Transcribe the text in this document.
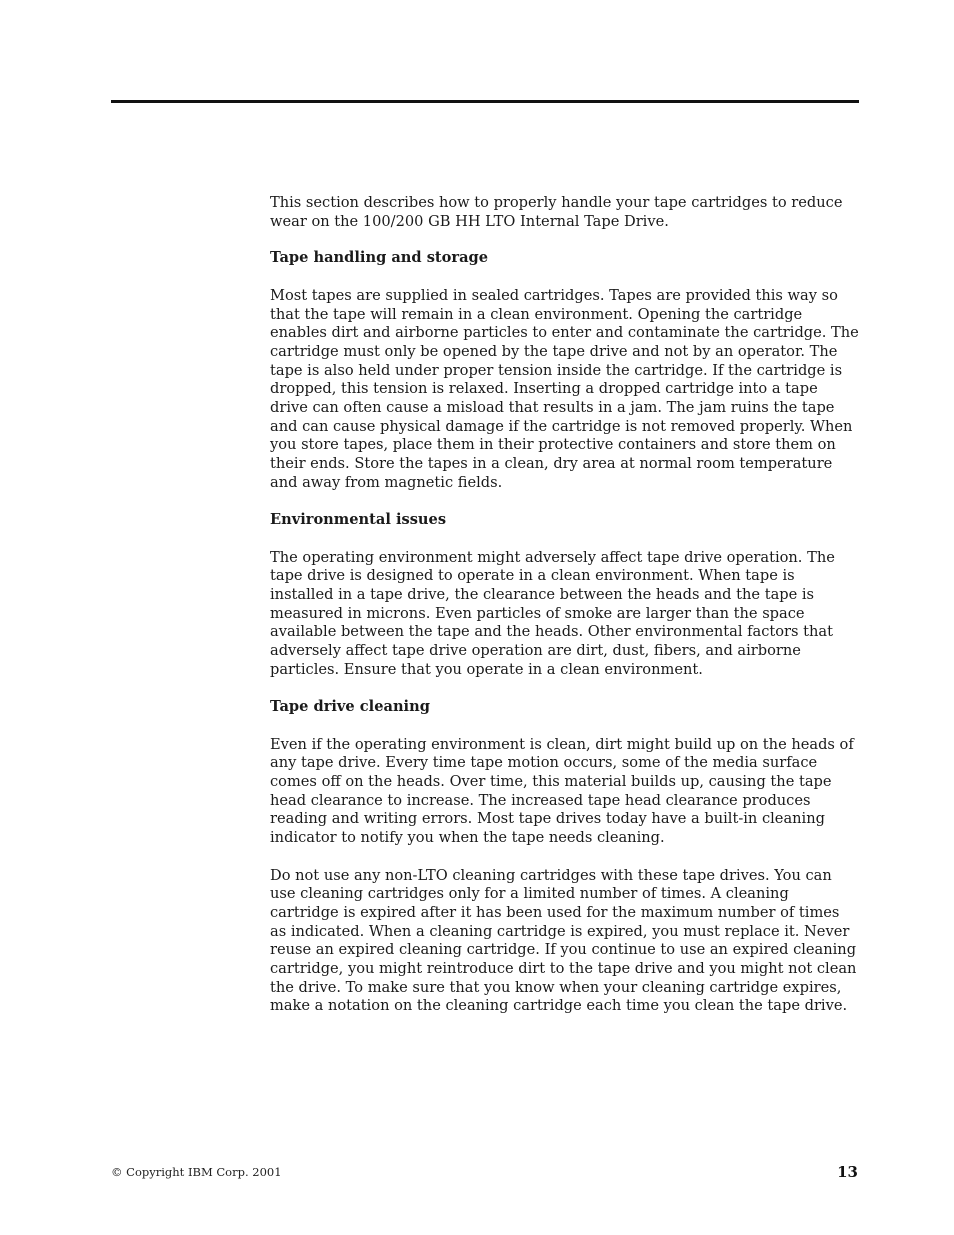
This section describes how to properly handle your tape cartridges to reduce wear on the 100/200 GB HH LTO Internal Tape Drive.

Tape handling and storage

Most tapes are supplied in sealed cartridges. Tapes are provided this way so that the tape will remain in a clean environment. Opening the cartridge enables dirt and airborne particles to enter and contaminate the cartridge. The cartridge must only be opened by the tape drive and not by an operator. The tape is also held under proper tension inside the cartridge. If the cartridge is dropped, this tension is relaxed. Inserting a dropped cartridge into a tape drive can often cause a misload that results in a jam. The jam ruins the tape and can cause physical damage if the cartridge is not removed properly. When you store tapes, place them in their protective containers and store them on their ends. Store the tapes in a clean, dry area at normal room temperature and away from magnetic fields.

Environmental issues

The operating environment might adversely affect tape drive operation. The tape drive is designed to operate in a clean environment. When tape is installed in a tape drive, the clearance between the heads and the tape is measured in microns. Even particles of smoke are larger than the space available between the tape and the heads. Other environmental factors that adversely affect tape drive operation are dirt, dust, fibers, and airborne particles. Ensure that you operate in a clean environment.

Tape drive cleaning

Even if the operating environment is clean, dirt might build up on the heads of any tape drive. Every time tape motion occurs, some of the media surface comes off on the heads. Over time, this material builds up, causing the tape head clearance to increase. The increased tape head clearance produces reading and writing errors. Most tape drives today have a built-in cleaning indicator to notify you when the tape needs cleaning.

Do not use any non-LTO cleaning cartridges with these tape drives. You can use cleaning cartridges only for a limited number of times. A cleaning cartridge is expired after it has been used for the maximum number of times as indicated. When a cleaning cartridge is expired, you must replace it. Never reuse an expired cleaning cartridge. If you continue to use an expired cleaning cartridge, you might reintroduce dirt to the tape drive and you might not clean the drive. To make sure that you know when your cleaning cartridge expires, make a notation on the cleaning cartridge each time you clean the tape drive.

© Copyright IBM Corp. 2001	13
